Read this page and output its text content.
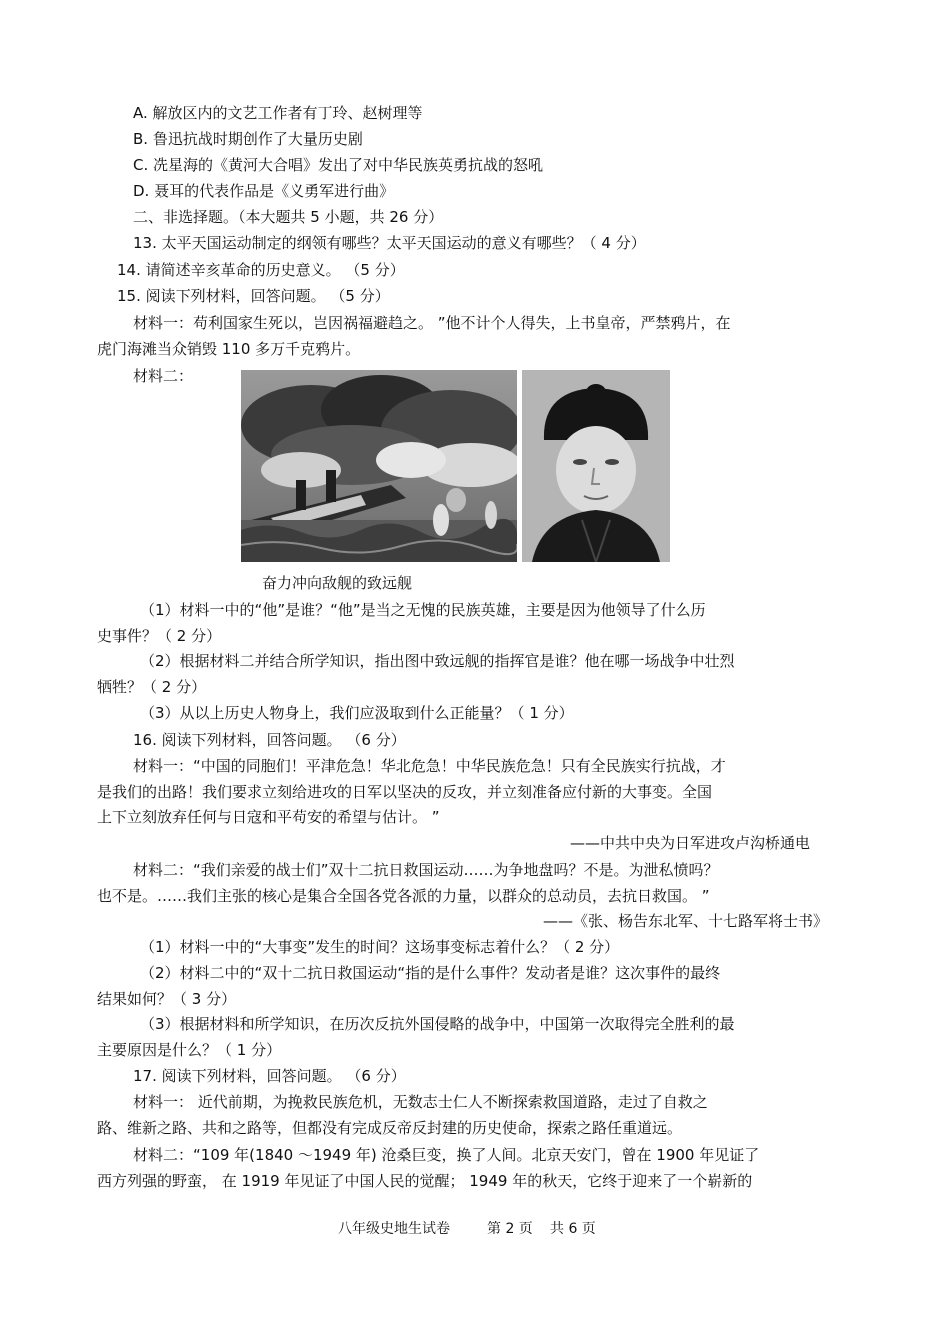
A. 解放区内的文艺工作者有丁玲、赵树理等
B. 鲁迅抗战时期创作了大量历史剧
C. 冼星海的《黄河大合唱》发出了对中华民族英勇抗战的怒吼
D. 聂耳的代表作品是《义勇军进行曲》
二、非选择题。（本大题共 5 小题，共 26 分）
13. 太平天国运动制定的纲领有哪些？太平天国运动的意义有哪些？（ 4 分）
14. 请简述辛亥革命的历史意义。 （5 分）
15. 阅读下列材料，回答问题。 （5 分）
材料一：苟利国家生死以，岂因祸福避趋之。 ”他不计个人得失，上书皇帝，严禁鸦片，在
虎门海滩当众销毁 110 多万千克鸦片。
材料二：
奋力冲向敌舰的致远舰
（1）材料一中的“他”是谁？“他”是当之无愧的民族英雄，主要是因为他领导了什么历
史事件？（ 2 分）
（2）根据材料二并结合所学知识，指出图中致远舰的指挥官是谁？他在哪一场战争中壮烈
牺牲？（ 2 分）
（3）从以上历史人物身上，我们应汲取到什么正能量？（ 1 分）
16. 阅读下列材料，回答问题。 （6 分）
材料一：“中国的同胞们！平津危急！华北危急！中华民族危急！只有全民族实行抗战，才
是我们的出路！我们要求立刻给进攻的日军以坚决的反攻，并立刻准备应付新的大事变。全国
上下立刻放弃任何与日寇和平苟安的希望与估计。 ”
——中共中央为日军进攻卢沟桥通电
材料二：“我们亲爱的战士们”双十二抗日救国运动……为争地盘吗？不是。为泄私愤吗？
也不是。……我们主张的核心是集合全国各党各派的力量，以群众的总动员，去抗日救国。 ”
——《张、杨告东北军、十七路军将士书》
（1）材料一中的“大事变”发生的时间？这场事变标志着什么？（ 2 分）
（2）材料二中的“双十二抗日救国运动“指的是什么事件？发动者是谁？这次事件的最终
结果如何？（ 3 分）
（3）根据材料和所学知识，在历次反抗外国侵略的战争中，中国第一次取得完全胜利的最
主要原因是什么？（ 1 分）
17. 阅读下列材料，回答问题。 （6 分）
材料一： 近代前期，为挽救民族危机，无数志士仁人不断探索救国道路，走过了自救之
路、维新之路、共和之路等，但都没有完成反帝反封建的历史使命，探索之路任重道远。
材料二：“109 年(1840 ～1949 年) 沧桑巨变，换了人间。北京天安门，曾在 1900 年见证了
西方列强的野蛮， 在 1919 年见证了中国人民的觉醒； 1949 年的秋天，它终于迎来了一个崭新的
八年级史地生试卷	第 2 页 共 6 页
